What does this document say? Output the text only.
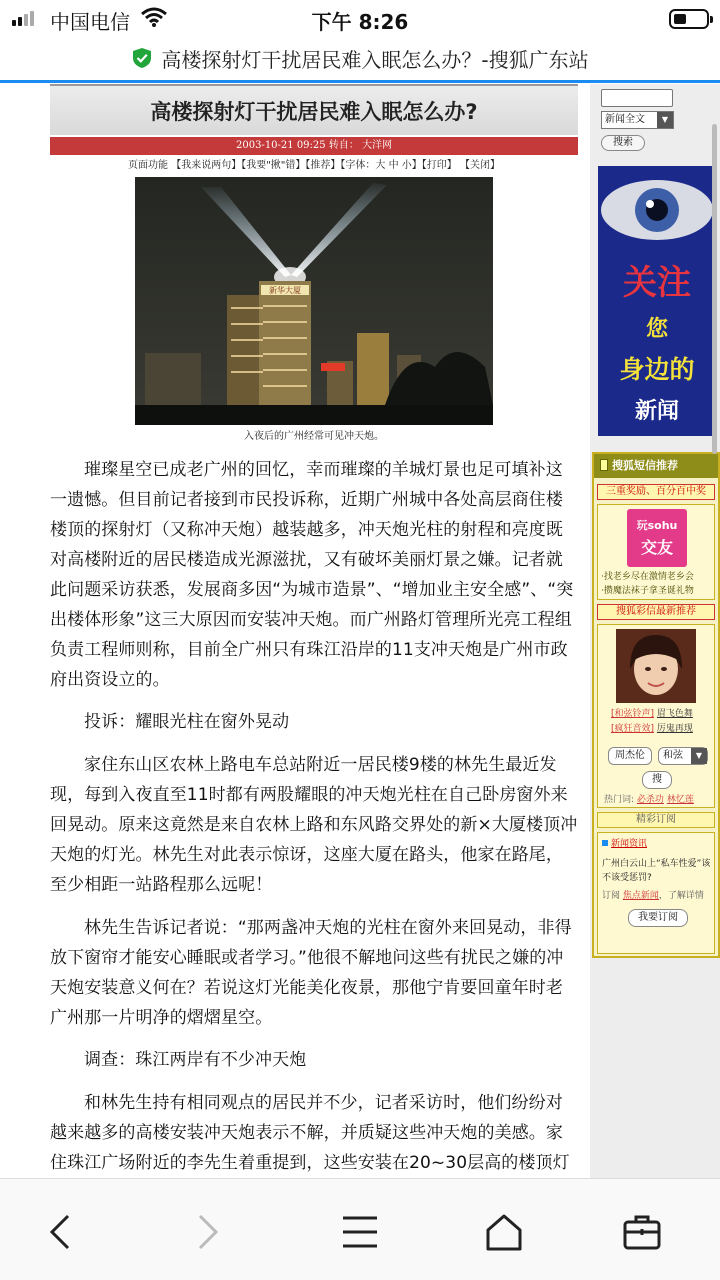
中国电信	下午 8:26
高楼探射灯干扰居民难入眠怎么办？-搜狐广东站
高楼探射灯干扰居民难入眠怎么办?
2003-10-21 09:25 转自： 大洋网
页面功能 【我来说两句】【我要"揪"错】【推荐】【字体：大 中 小】【打印】 【关闭】
新华大厦
入夜后的广州经常可见冲天炮。

璀璨星空已成老广州的回忆，幸而璀璨的羊城灯景也足可填补这一遗憾。但目前记者接到市民投诉称，近期广州城中各处高层商住楼楼顶的探射灯（又称冲天炮）越装越多，冲天炮光柱的射程和亮度既对高楼附近的居民楼造成光源滋扰，又有破坏美丽灯景之嫌。记者就此问题采访获悉，发展商多因“为城市造景”、“增加业主安全感”、“突出楼体形象”这三大原因而安装冲天炮。而广州路灯管理所光亮工程组负责工程师则称，目前全广州只有珠江沿岸的11支冲天炮是广州市政府出资设立的。

投诉：耀眼光柱在窗外晃动

家住东山区农林上路电车总站附近一居民楼9楼的林先生最近发现，每到入夜直至11时都有两股耀眼的冲天炮光柱在自己卧房窗外来回晃动。原来这竟然是来自农林上路和东风路交界处的新×大厦楼顶冲天炮的灯光。林先生对此表示惊讶，这座大厦在路头，他家在路尾，至少相距一站路程那么远呢！

林先生告诉记者说：“那两盏冲天炮的光柱在窗外来回晃动，非得放下窗帘才能安心睡眠或者学习。”他很不解地问这些有扰民之嫌的冲天炮安装意义何在？若说这灯光能美化夜景，那他宁肯要回童年时老广州那一片明净的熠熠星空。

调查：珠江两岸有不少冲天炮

和林先生持有相同观点的居民并不少，记者采访时，他们纷纷对越来越多的高楼安装冲天炮表示不解，并质疑这些冲天炮的美感。家住珠江广场附近的李先生着重提到，这些安装在20~30层高的楼顶灯

新闻全文	▼
搜索
关注
您
身边的
新闻
搜狐短信推荐
三重奖励、百分百中奖
玩sohu
交友
·找老乡尽在激情老乡会
·攒魔法袜子拿圣诞礼物
搜狐彩信最新推荐
[和弦铃声] 眉飞色舞
[疯狂音效] 厉鬼再现
周杰伦	和弦	▼
搜
热门词: 必杀功 林忆莲
精彩订阅
新闻资讯
广州白云山上“私车性爱”该不该受惩罚?
订阅 焦点新闻，了解详情
我要订阅
